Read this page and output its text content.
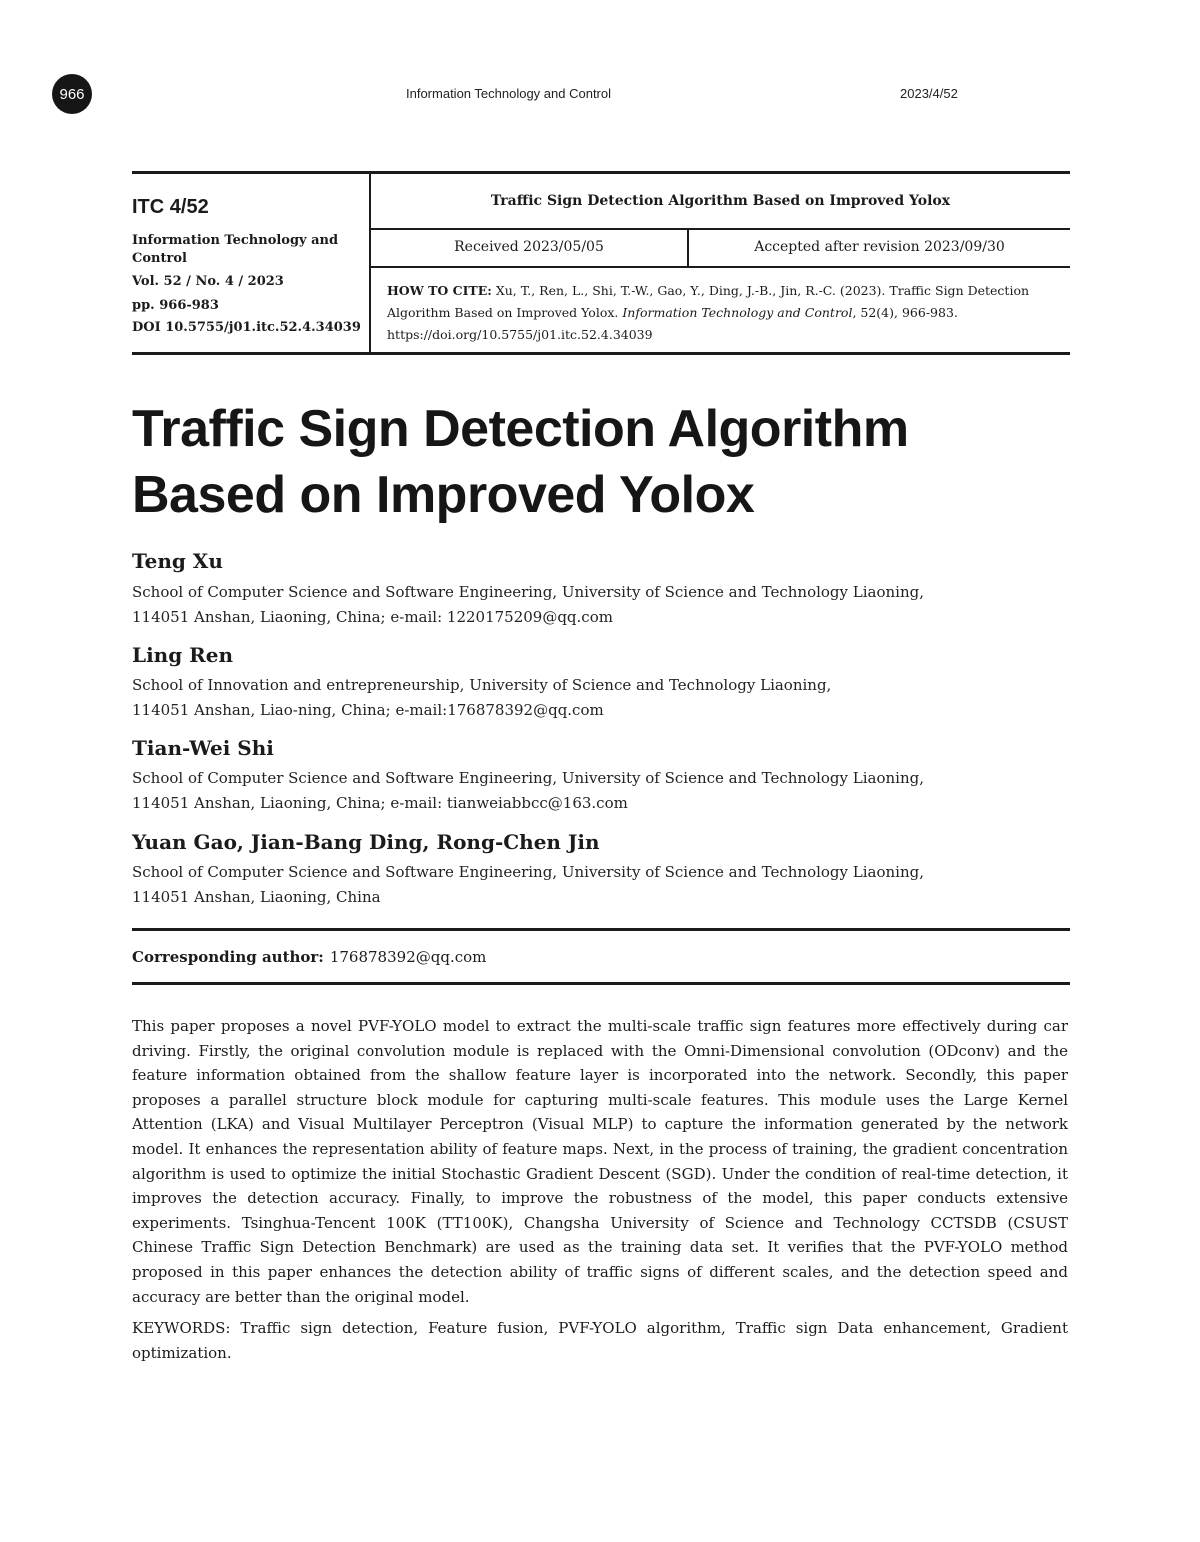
966	Information Technology and Control	2023/4/52
ITC 4/52
Information Technology and Control
Vol. 52 / No. 4 / 2023
pp. 966-983
DOI 10.5755/j01.itc.52.4.34039
Traffic Sign Detection Algorithm Based on Improved Yolox
Received 2023/05/05	Accepted after revision 2023/09/30
HOW TO CITE: Xu, T., Ren, L., Shi, T.-W., Gao, Y., Ding, J.-B., Jin, R.-C. (2023). Traffic Sign Detection Algorithm Based on Improved Yolox. Information Technology and Control, 52(4), 966-983. https://doi.org/10.5755/j01.itc.52.4.34039
Traffic Sign Detection Algorithm
Based on Improved Yolox
Teng Xu
School of Computer Science and Software Engineering, University of Science and Technology Liaoning,
114051 Anshan, Liaoning, China; e-mail: 1220175209@qq.com
Ling Ren
School of Innovation and entrepreneurship, University of Science and Technology Liaoning,
114051 Anshan, Liao-ning, China; e-mail:176878392@qq.com
Tian-Wei Shi
School of Computer Science and Software Engineering, University of Science and Technology Liaoning,
114051 Anshan, Liaoning, China; e-mail: tianweiabbcc@163.com
Yuan Gao, Jian-Bang Ding, Rong-Chen Jin
School of Computer Science and Software Engineering, University of Science and Technology Liaoning,
114051 Anshan, Liaoning, China
Corresponding author: 176878392@qq.com
This paper proposes a novel PVF-YOLO model to extract the multi-scale traffic sign features more effectively during car driving. Firstly, the original convolution module is replaced with the Omni-Dimensional convolution (ODconv) and the feature information obtained from the shallow feature layer is incorporated into the network. Secondly, this paper proposes a parallel structure block module for capturing multi-scale features. This module uses the Large Kernel Attention (LKA) and Visual Multilayer Perceptron (Visual MLP) to capture the information generated by the network model. It enhances the representation ability of feature maps. Next, in the process of training, the gradient concentration algorithm is used to optimize the initial Stochastic Gradient Descent (SGD). Under the condition of real-time detection, it improves the detection accuracy. Finally, to improve the robustness of the model, this paper conducts extensive experiments. Tsinghua-Tencent 100K (TT100K), Changsha University of Science and Technology CCTSDB (CSUST Chinese Traffic Sign Detection Benchmark) are used as the training data set. It verifies that the PVF-YOLO method proposed in this paper enhances the detection ability of traffic signs of different scales, and the detection speed and accuracy are better than the original model.
KEYWORDS: Traffic sign detection, Feature fusion, PVF-YOLO algorithm, Traffic sign Data enhancement, Gradient optimization.
